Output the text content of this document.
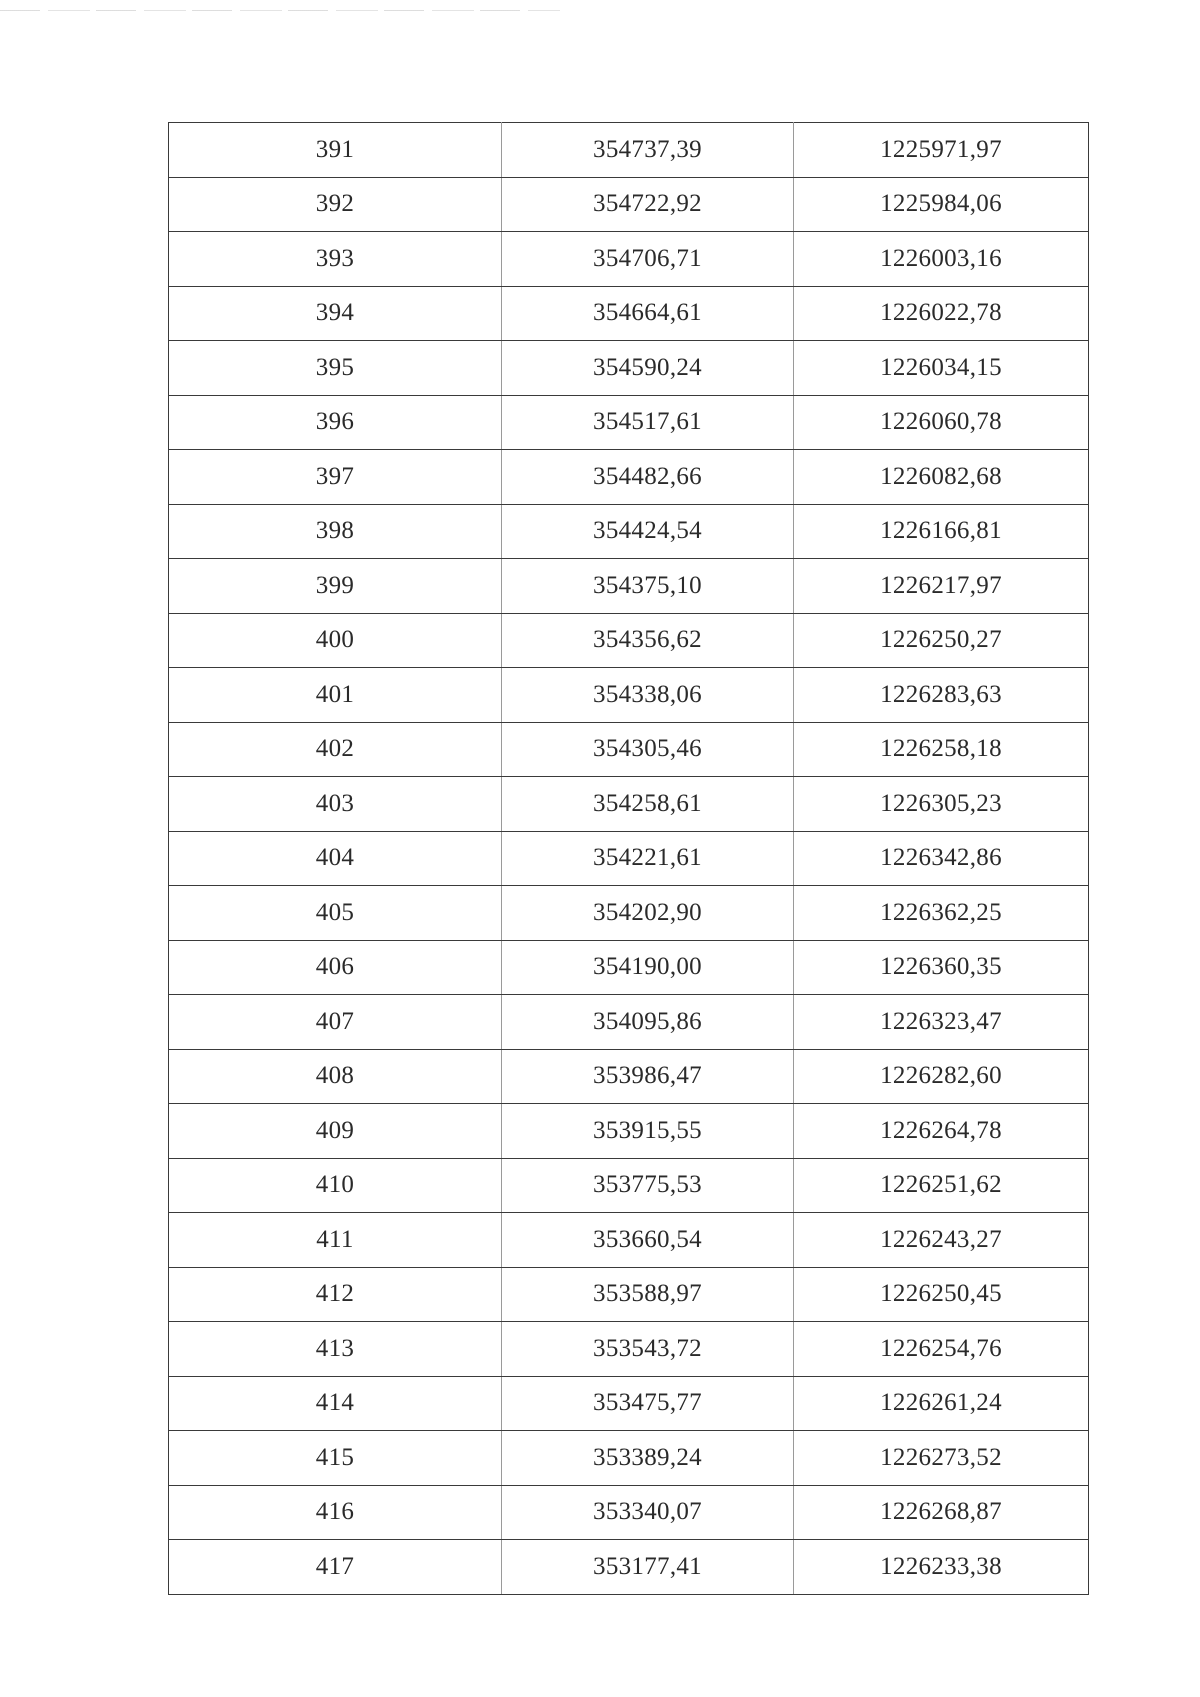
391	354737,39	1225971,97
392	354722,92	1225984,06
393	354706,71	1226003,16
394	354664,61	1226022,78
395	354590,24	1226034,15
396	354517,61	1226060,78
397	354482,66	1226082,68
398	354424,54	1226166,81
399	354375,10	1226217,97
400	354356,62	1226250,27
401	354338,06	1226283,63
402	354305,46	1226258,18
403	354258,61	1226305,23
404	354221,61	1226342,86
405	354202,90	1226362,25
406	354190,00	1226360,35
407	354095,86	1226323,47
408	353986,47	1226282,60
409	353915,55	1226264,78
410	353775,53	1226251,62
411	353660,54	1226243,27
412	353588,97	1226250,45
413	353543,72	1226254,76
414	353475,77	1226261,24
415	353389,24	1226273,52
416	353340,07	1226268,87
417	353177,41	1226233,38
